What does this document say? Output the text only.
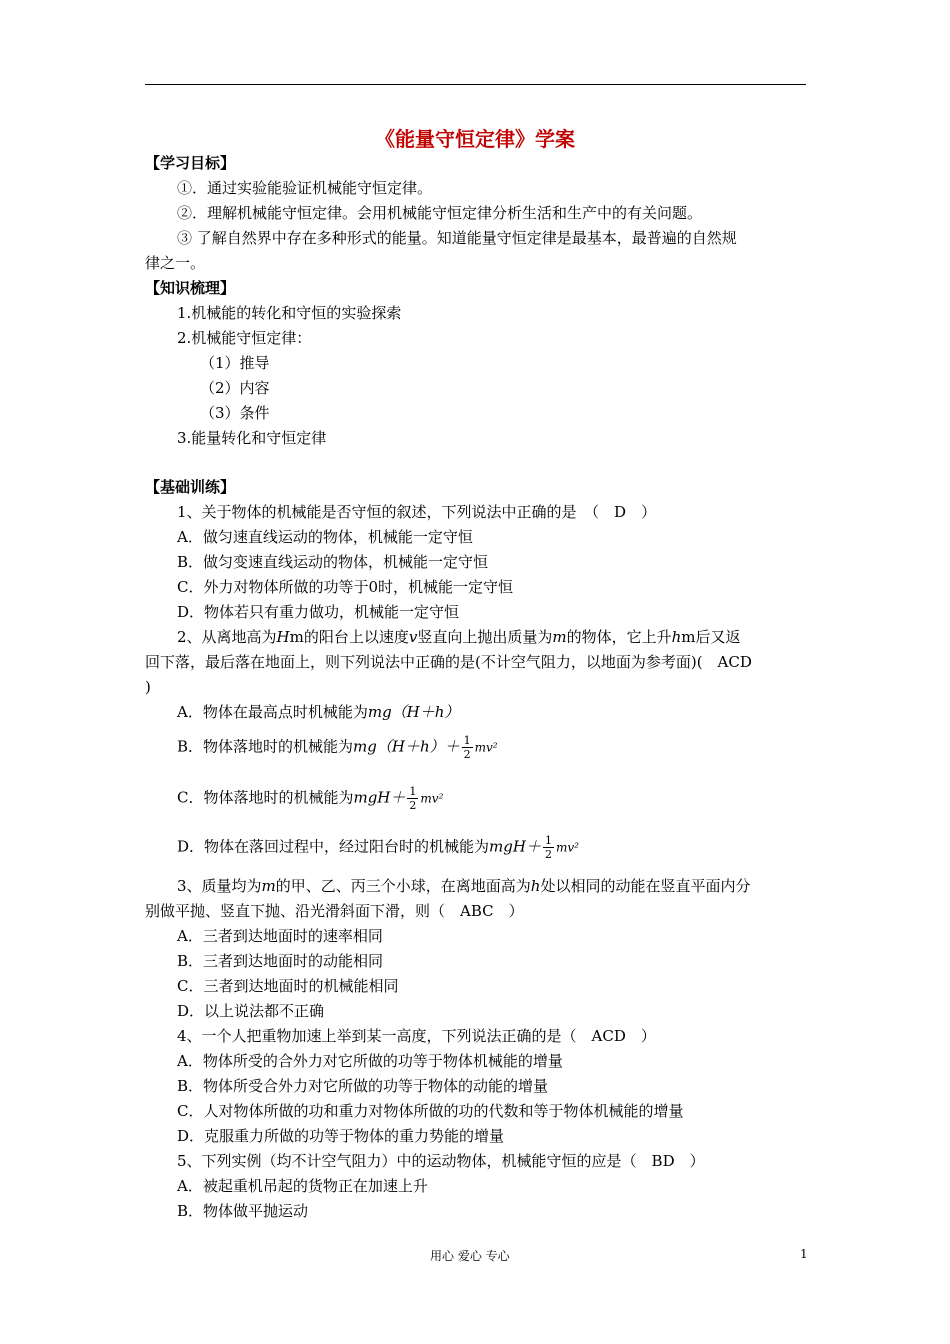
《能量守恒定律》学案
【学习目标】
①．通过实验能验证机械能守恒定律。
②．理解机械能守恒定律。会用机械能守恒定律分析生活和生产中的有关问题。
③ 了解自然界中存在多种形式的能量。知道能量守恒定律是最基本，最普遍的自然规
律之一。
【知识梳理】
1.机械能的转化和守恒的实验探索
2.机械能守恒定律：
（1）推导
（2）内容
（3）条件
3.能量转化和守恒定律
【基础训练】
1、关于物体的机械能是否守恒的叙述，下列说法中正确的是　（　D　）
A．做匀速直线运动的物体，机械能一定守恒
B．做匀变速直线运动的物体，机械能一定守恒
C．外力对物体所做的功等于0时，机械能一定守恒
D．物体若只有重力做功，机械能一定守恒
2、从离地高为Hm的阳台上以速度v竖直向上抛出质量为m的物体，它上升hm后又返
回下落，最后落在地面上，则下列说法中正确的是(不计空气阻力，以地面为参考面)(　ACD
)
A．物体在最高点时机械能为mg（H＋h）
B．物体落地时的机械能为$mg(H+h)+ \frac{1}{2} mv^2$
C．物体落地时的机械能为$mgH+ \frac{1}{2} mv^2$
D．物体在落回过程中，经过阳台时的机械能为$mgH+ \frac{1}{2} mv^2$
3、质量均为m的甲、乙、丙三个小球，在离地面高为h处以相同的动能在竖直平面内分
别做平抛、竖直下抛、沿光滑斜面下滑，则（　ABC　）
A．三者到达地面时的速率相同
B．三者到达地面时的动能相同
C．三者到达地面时的机械能相同
D．以上说法都不正确
4、一个人把重物加速上举到某一高度，下列说法正确的是（　ACD　）
A．物体所受的合外力对它所做的功等于物体机械能的增量
B．物体所受合外力对它所做的功等于物体的动能的增量
C．人对物体所做的功和重力对物体所做的功的代数和等于物体机械能的增量
D．克服重力所做的功等于物体的重力势能的增量
5、下列实例（均不计空气阻力）中的运动物体，机械能守恒的应是（　BD　）
A．被起重机吊起的货物正在加速上升
B．物体做平抛运动
用心 爱心 专心	1
